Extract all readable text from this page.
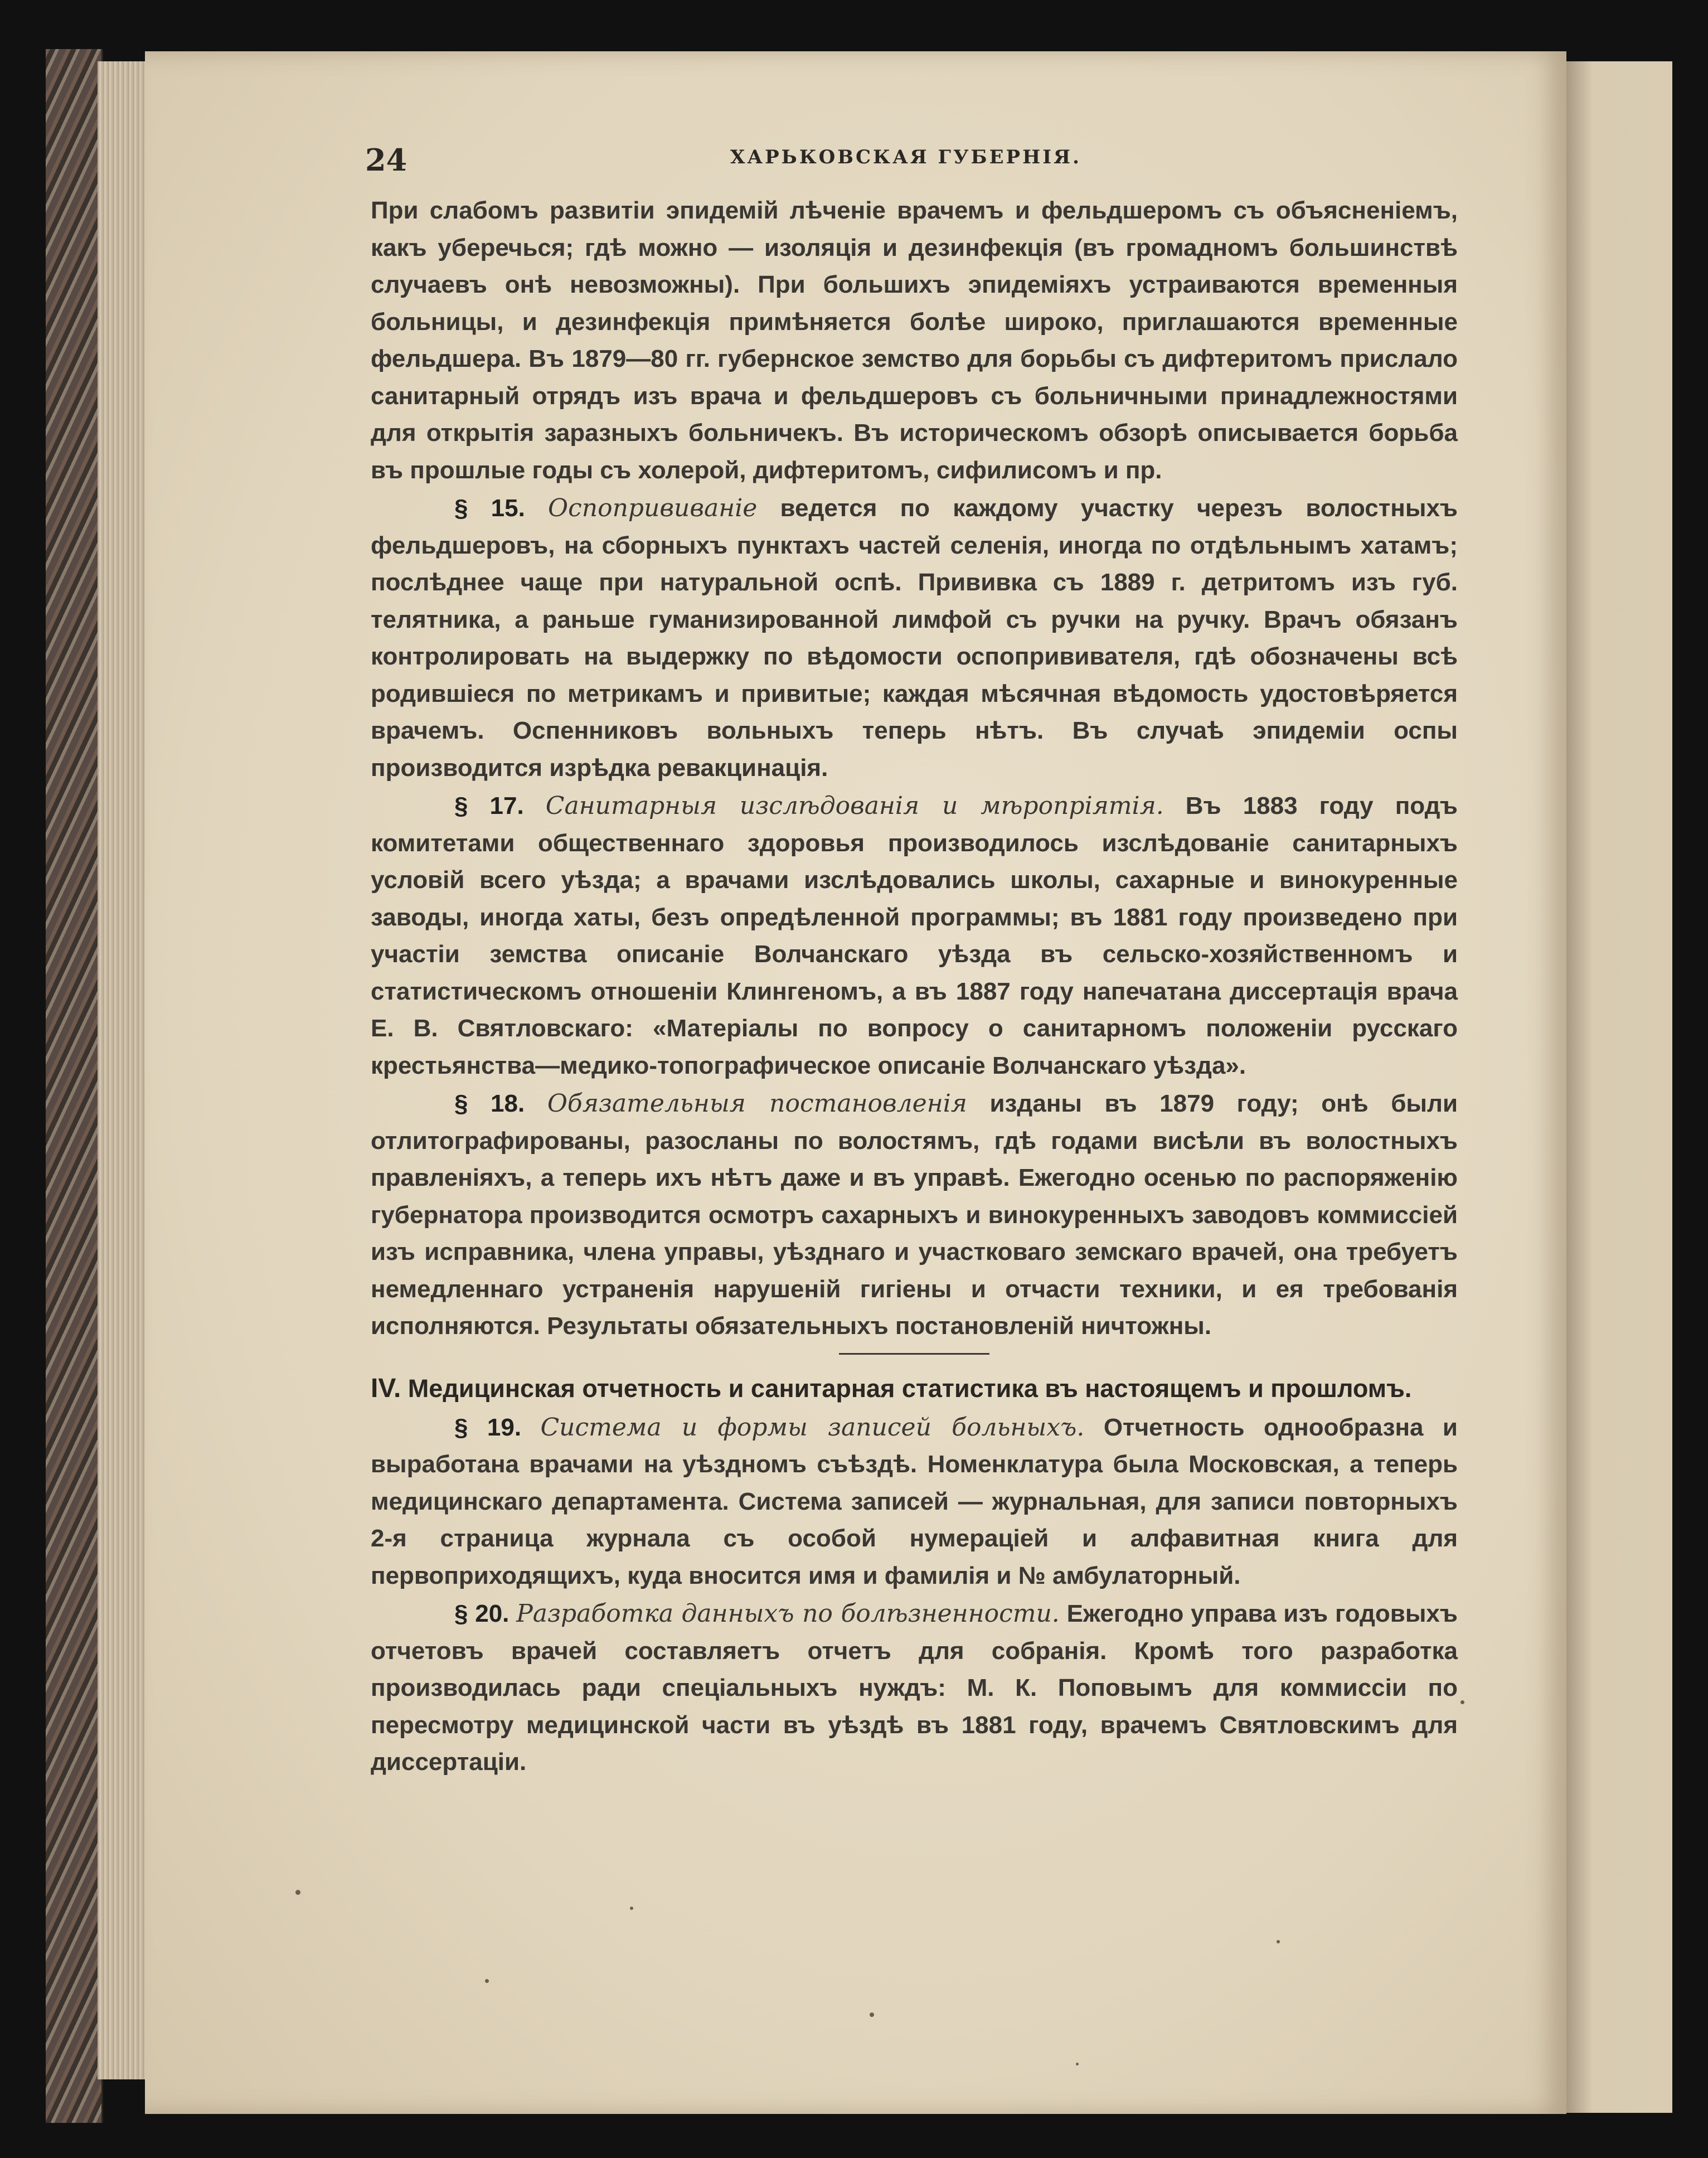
24	ХАРЬКОВСКАЯ ГУБЕРНІЯ.

При слабомъ развитіи эпидемій лѣченіе врачемъ и фельдшеромъ съ объясненіемъ, какъ уберечься; гдѣ можно — изоляція и дезинфекція (въ громадномъ большинствѣ случаевъ онѣ невозможны). При большихъ эпидеміяхъ устраиваются временныя больницы, и дезинфекція примѣняется болѣе широко, приглашаются временные фельдшера. Въ 1879—80 гг. губернское земство для борьбы съ дифтеритомъ прислало санитарный отрядъ изъ врача и фельдшеровъ съ больничными принадлежностями для открытія заразныхъ больничекъ. Въ историческомъ обзорѣ описывается борьба въ прошлые годы съ холерой, дифтеритомъ, сифилисомъ и пр.

§ 15. Оспопрививаніе ведется по каждому участку черезъ волостныхъ фельдшеровъ, на сборныхъ пунктахъ частей селенія, иногда по отдѣльнымъ хатамъ; послѣднее чаще при натуральной оспѣ. Прививка съ 1889 г. детритомъ изъ губ. телятника, а раньше гуманизированной лимфой съ ручки на ручку. Врачъ обязанъ контролировать на выдержку по вѣдомости оспопрививателя, гдѣ обозначены всѣ родившіеся по метрикамъ и привитые; каждая мѣсячная вѣдомость удостовѣряется врачемъ. Оспенниковъ вольныхъ теперь нѣтъ. Въ случаѣ эпидеміи оспы производится изрѣдка ревакцинація.

§ 17. Санитарныя изслѣдованія и мѣропріятія. Въ 1883 году подъ комитетами общественнаго здоровья производилось изслѣдованіе санитарныхъ условій всего уѣзда; а врачами изслѣдовались школы, сахарные и винокуренные заводы, иногда хаты, безъ опредѣленной программы; въ 1881 году произведено при участіи земства описаніе Волчанскаго уѣзда въ сельско-хозяйственномъ и статистическомъ отношеніи Клингеномъ, а въ 1887 году напечатана диссертація врача Е. В. Святловскаго: «Матеріалы по вопросу о санитарномъ положеніи русскаго крестьянства—медико-топографическое описаніе Волчанскаго уѣзда».

§ 18. Обязательныя постановленія изданы въ 1879 году; онѣ были отлитографированы, разосланы по волостямъ, гдѣ годами висѣли въ волостныхъ правленіяхъ, а теперь ихъ нѣтъ даже и въ управѣ. Ежегодно осенью по распоряженію губернатора производится осмотръ сахарныхъ и винокуренныхъ заводовъ коммиссіей изъ исправника, члена управы, уѣзднаго и участковаго земскаго врачей, она требуетъ немедленнаго устраненія нарушеній гигіены и отчасти техники, и ея требованія исполняются. Результаты обязательныхъ постановленій ничтожны.

IV. Медицинская отчетность и санитарная статистика въ настоящемъ и прошломъ.

§ 19. Система и формы записей больныхъ. Отчетность однообразна и выработана врачами на уѣздномъ съѣздѣ. Номенклатура была Московская, а теперь медицинскаго департамента. Система записей — журнальная, для записи повторныхъ 2-я страница журнала съ особой нумераціей и алфавитная книга для первоприходящихъ, куда вносится имя и фамилія и № амбулаторный.

§ 20. Разработка данныхъ по болѣзненности. Ежегодно управа изъ годовыхъ отчетовъ врачей составляетъ отчетъ для собранія. Кромѣ того разработка производилась ради спеціальныхъ нуждъ: М. К. Поповымъ для коммиссіи по пересмотру медицинской части въ уѣздѣ въ 1881 году, врачемъ Святловскимъ для диссертаціи.
